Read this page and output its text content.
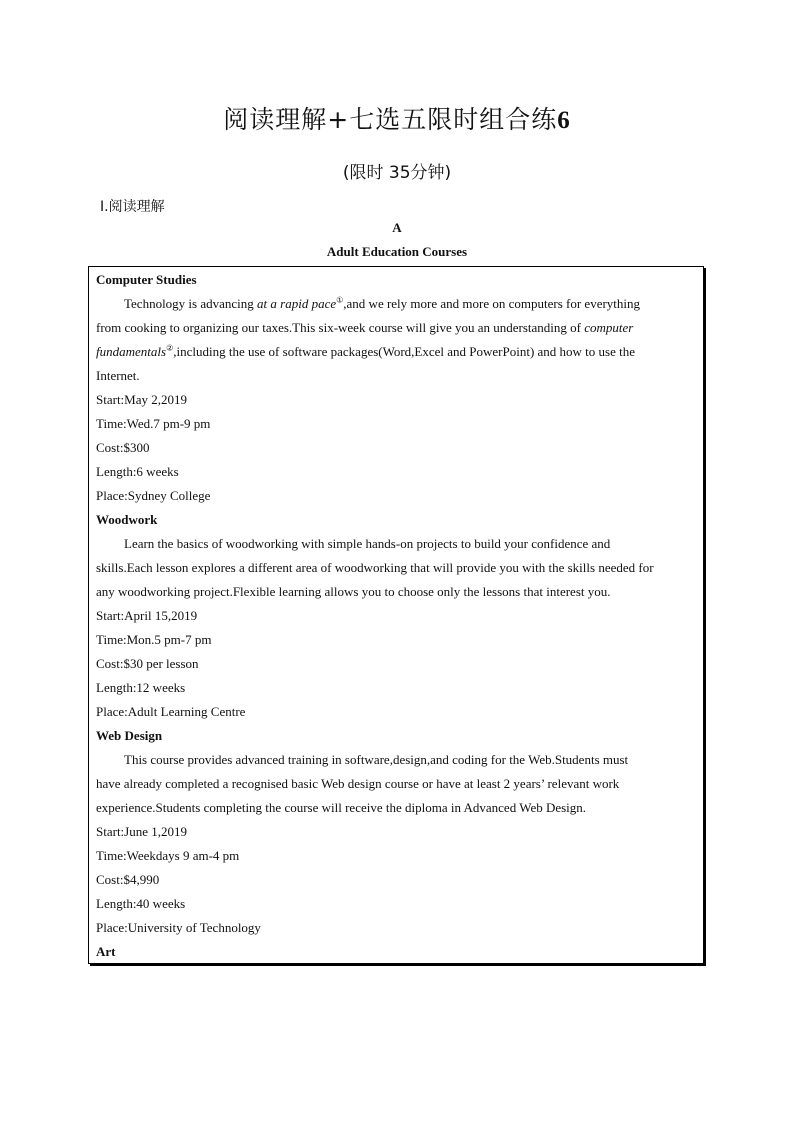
阅读理解+七选五限时组合练6
(限时 35分钟)
Ⅰ.阅读理解
A
Adult Education Courses
Computer Studies
Technology is advancing at a rapid pace①,and we rely more and more on computers for everything
from cooking to organizing our taxes.This six-week course will give you an understanding of computer
fundamentals②,including the use of software packages(Word,Excel and PowerPoint) and how to use the
Internet.
Start:May 2,2019
Time:Wed.7 pm-9 pm
Cost:$300
Length:6 weeks
Place:Sydney College
Woodwork
Learn the basics of woodworking with simple hands-on projects to build your confidence and
skills.Each lesson explores a different area of woodworking that will provide you with the skills needed for
any woodworking project.Flexible learning allows you to choose only the lessons that interest you.
Start:April 15,2019
Time:Mon.5 pm-7 pm
Cost:$30 per lesson
Length:12 weeks
Place:Adult Learning Centre
Web Design
This course provides advanced training in software,design,and coding for the Web.Students must
have already completed a recognised basic Web design course or have at least 2 years’ relevant work
experience.Students completing the course will receive the diploma in Advanced Web Design.
Start:June 1,2019
Time:Weekdays 9 am-4 pm
Cost:$4,990
Length:40 weeks
Place:University of Technology
Art
